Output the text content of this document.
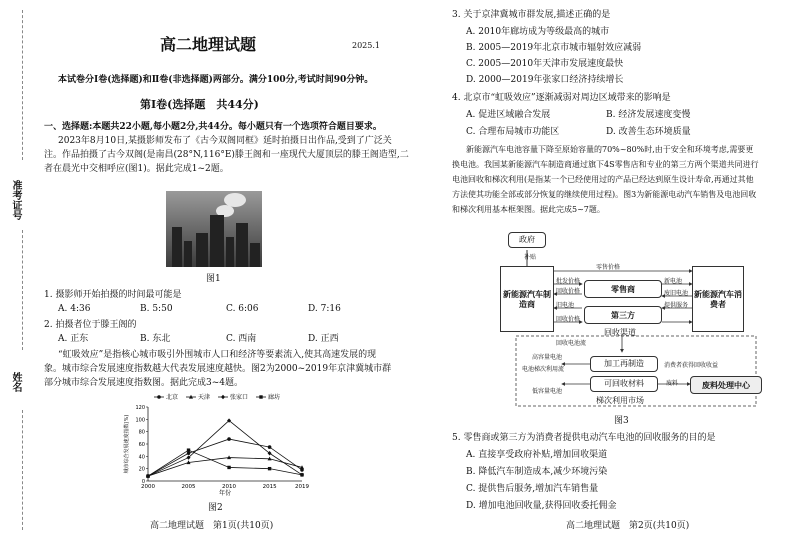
准考证号
姓名
高二地理试题	2025.1
本试卷分Ⅰ卷(选择题)和Ⅱ卷(非选择题)两部分。满分100分,考试时间90分钟。
第Ⅰ卷(选择题　共44分)
一、选择题:本题共22小题,每小题2分,共44分。每小题只有一个选项符合题目要求。
2023年8月10日,某摄影师发布了《古今双阁同框》延时拍摄日出作品,受到了广泛关
注。作品拍摄了古今双阁(是南昌(28°N,116°E)滕王阁和一座现代大厦顶层的滕王阁造型,二
者在晨光中交相呼应(图1)。据此完成1~2题。
图1
1. 摄影师开始拍摄的时间最可能是
A. 4:36	B. 5:50	C. 6:06	D. 7:16
2. 拍摄者位于滕王阁的
A. 正东	B. 东北	C. 西南	D. 正西
“虹吸效应”是指核心城市吸引外围城市人口和经济等要素流入,使其高速发展的现
象。城市综合发展速度指数越大代表发展速度越快。图2为2000~2019年京津冀城市群
部分城市综合发展速度指数图。据此完成3~4题。
0
20
40
60
80
100
120
2000	2005	2010	2015	2019
年份
城市综合发展速度指数(%)
北京	天津	张家口	廊坊
图2
高二地理试题　第1页(共10页)
3. 关于京津冀城市群发展,描述正确的是
A. 2010年廊坊成为等级最高的城市
B. 2005—2019年北京市城市辐射效应减弱
C. 2005—2010年天津市发展速度最快
D. 2000—2019年张家口经济持续增长
4. 北京市“虹吸效应”逐渐减弱对周边区域带来的影响是
A. 促进区域融合发展	B. 经济发展速度变慢
C. 合理布局城市功能区	D. 改善生态环境质量
新能源汽车电池容量下降至原始容量的70%~80%时,由于安全和环境考虑,需要更
换电池。我国某新能源汽车制造商通过旗下4S零售店和专业的第三方两个渠道共同进行
电池回收和梯次利用(是指某一个已经使用过的产品已经达到原生设计寿命,再通过其他
方法使其功能全部或部分恢复的继续使用过程)。图3为新能源电动汽车销售及电池回收
和梯次利用基本框架图。据此完成5~7题。
政府
补贴
新能源汽车制造商
新能源汽车消费者
零售商
第三方
回收渠道
零售价格
批发价格
回收价格
旧电池
回收价格
新电池
废旧电池
提供服务
回收电池流
高容量电池
电池梯次利用流
低容量电池
加工再制造
可回收材料
梯次利用市场
消费者获得回收收益
废料	废料处理中心
图3
5. 零售商或第三方为消费者提供电动汽车电池的回收服务的目的是
A. 直接享受政府补贴,增加回收渠道
B. 降低汽车制造成本,减少环境污染
C. 提供售后服务,增加汽车销售量
D. 增加电池回收量,获得回收委托佣金
高二地理试题　第2页(共10页)
